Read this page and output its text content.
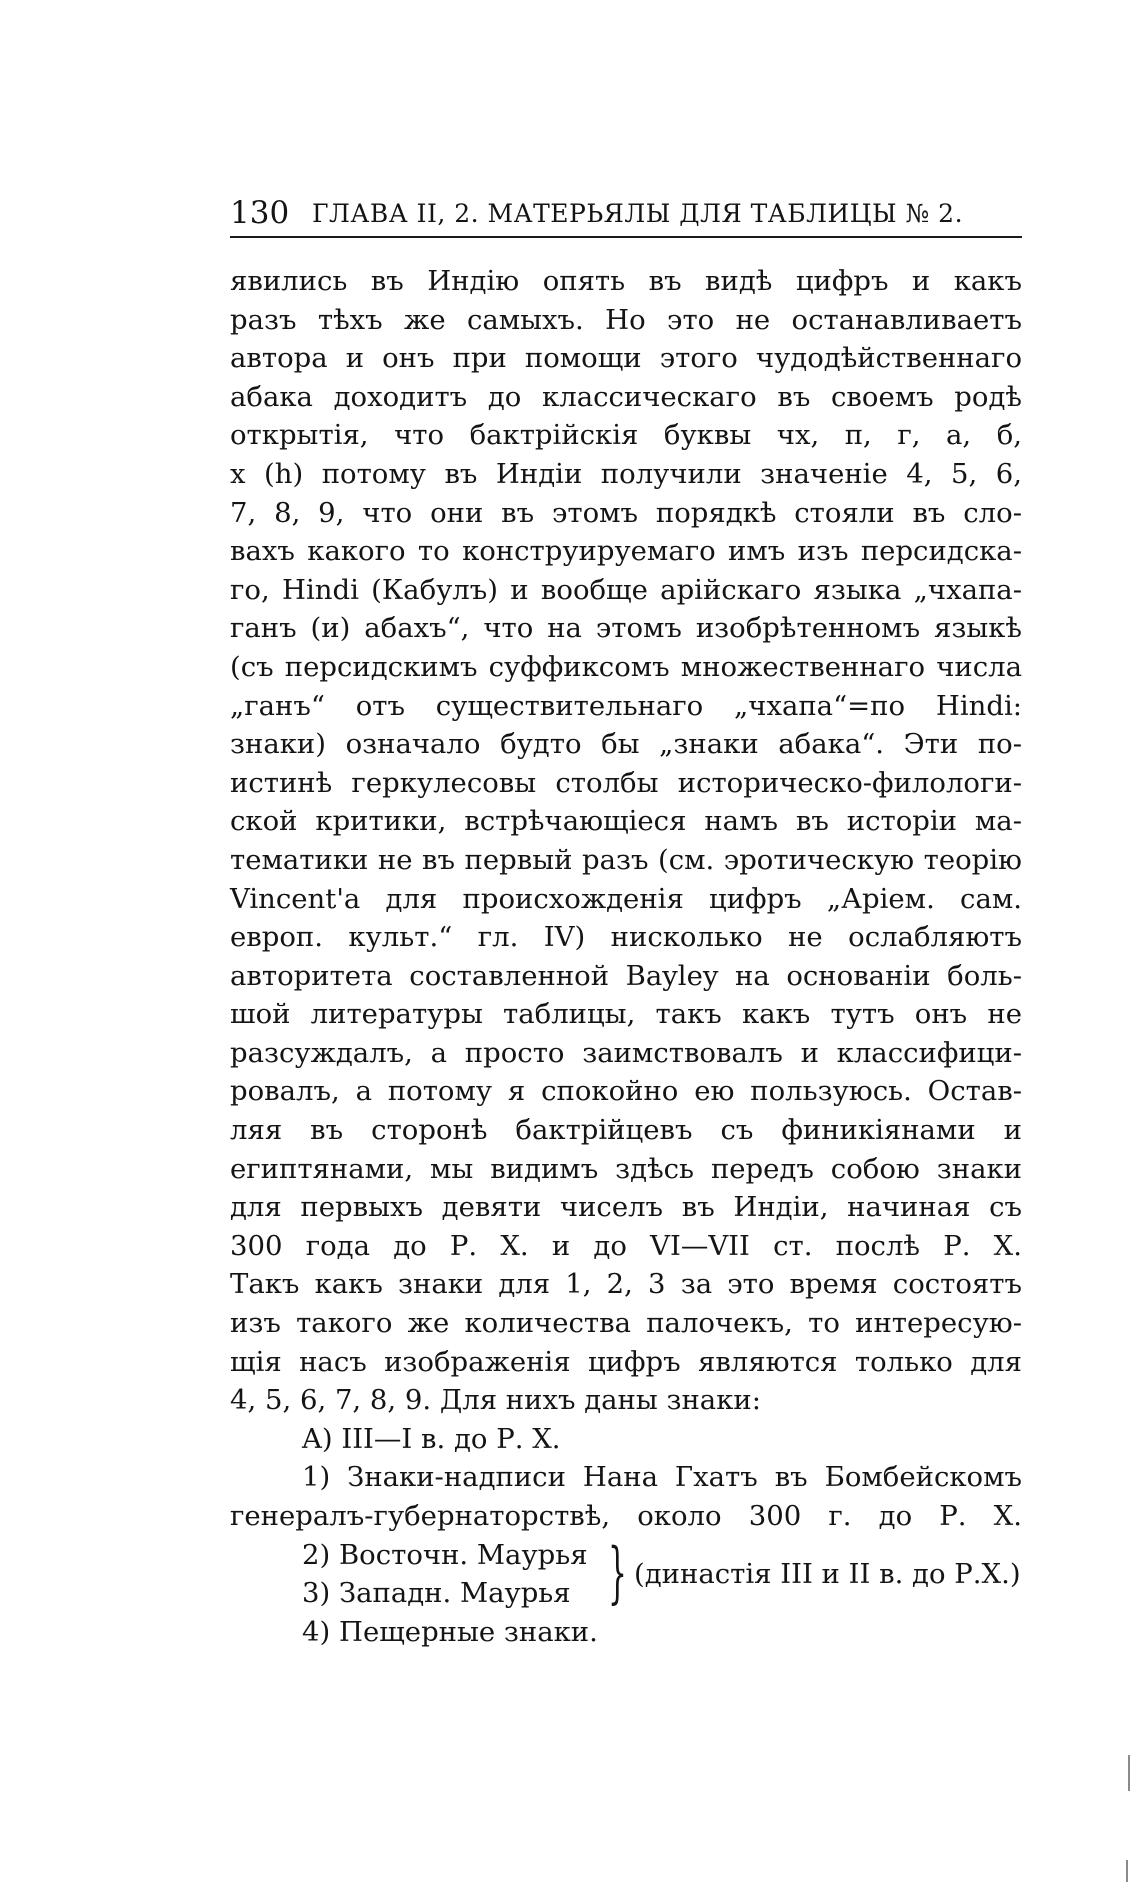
130 ГЛАВА II, 2. МАТЕРЬЯЛЫ ДЛЯ ТАБЛИЦЫ № 2.
явились въ Индію опять въ видѣ цифръ и какъ
разъ тѣхъ же самыхъ. Но это не останавливаетъ
автора и онъ при помощи этого чудодѣйственнаго
абака доходитъ до классическаго въ своемъ родѣ
открытія, что бактрійскія буквы чх, п, г, а, б,
х (h) потому въ Индіи получили значеніе 4, 5, 6,
7, 8, 9, что они въ этомъ порядкѣ стояли въ сло-
вахъ какого то конструируемаго имъ изъ персидска-
го, Hindi (Кабулъ) и вообще арійскаго языка „чхапа-
ганъ (и) абахъ“, что на этомъ изобрѣтенномъ языкѣ
(съ персидскимъ суффиксомъ множественнаго числа
„ганъ“ отъ существительнаго „чхапа“=по Hindi:
знаки) означало будто бы „знаки абака“. Эти по-
истинѣ геркулесовы столбы историческо-филологи-
ской критики, встрѣчающіеся намъ въ исторіи ма-
тематики не въ первый разъ (см. эротическую теорію
Vincent'а для происхожденія цифръ „Аріем. сам.
европ. культ.“ гл. IV) нисколько не ослабляютъ
авторитета составленной Bayley на основаніи боль-
шой литературы таблицы, такъ какъ тутъ онъ не
разсуждалъ, а просто заимствовалъ и классифици-
ровалъ, а потому я спокойно ею пользуюсь. Остав-
ляя въ сторонѣ бактрійцевъ съ финикіянами и
египтянами, мы видимъ здѣсь передъ собою знаки
для первыхъ девяти чиселъ въ Индіи, начиная съ
300 года до Р. Х. и до VI—VII ст. послѣ Р. Х.
Такъ какъ знаки для 1, 2, 3 за это время состоятъ
изъ такого же количества палочекъ, то интересую-
щія насъ изображенія цифръ являются только для
4, 5, 6, 7, 8, 9. Для нихъ даны знаки:
A) III—I в. до Р. Х.
1) Знаки-надписи Нана Гхатъ въ Бомбейскомъ
генералъ-губернаторствѣ, около 300 г. до Р. Х.
2) Восточн. Маурья
3) Западн. Маурья } (династія III и II в. до Р.Х.)
4) Пещерные знаки.
